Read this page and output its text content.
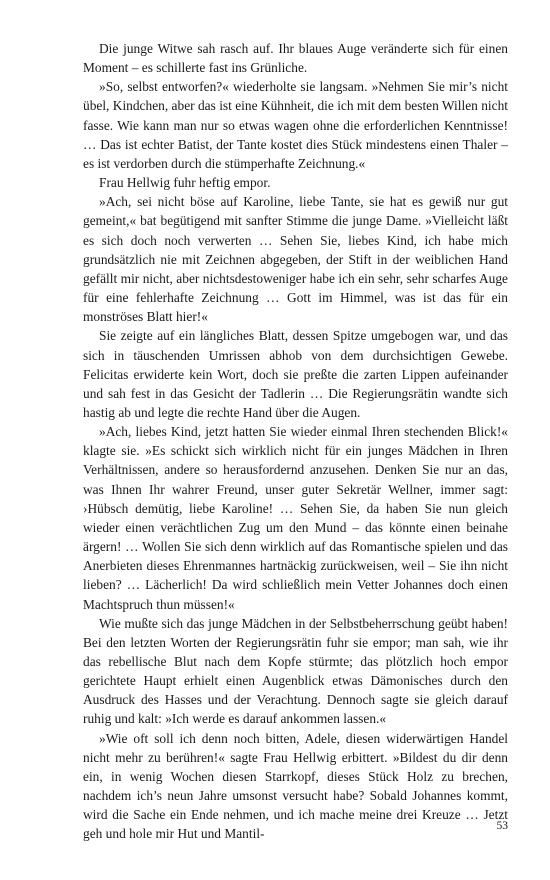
Die junge Witwe sah rasch auf. Ihr blaues Auge veränderte sich für einen Moment – es schillerte fast ins Grünliche.

»So, selbst entworfen?« wiederholte sie langsam. »Nehmen Sie mir’s nicht übel, Kindchen, aber das ist eine Kühnheit, die ich mit dem besten Willen nicht fasse. Wie kann man nur so etwas wagen ohne die erforderlichen Kenntnisse! … Das ist echter Batist, der Tante kostet dies Stück mindestens einen Thaler – es ist verdorben durch die stümperhafte Zeichnung.«

Frau Hellwig fuhr heftig empor.

»Ach, sei nicht böse auf Karoline, liebe Tante, sie hat es gewiß nur gut gemeint,« bat begütigend mit sanfter Stimme die junge Dame. »Vielleicht läßt es sich doch noch verwerten … Sehen Sie, liebes Kind, ich habe mich grundsätzlich nie mit Zeichnen abgegeben, der Stift in der weiblichen Hand gefällt mir nicht, aber nichtsdestoweniger habe ich ein sehr, sehr scharfes Auge für eine fehlerhafte Zeichnung … Gott im Himmel, was ist das für ein monströses Blatt hier!«

Sie zeigte auf ein längliches Blatt, dessen Spitze umgebogen war, und das sich in täuschenden Umrissen abhob von dem durchsichtigen Gewebe. Felicitas erwiderte kein Wort, doch sie preßte die zarten Lippen aufeinander und sah fest in das Gesicht der Tadlerin … Die Regierungsrätin wandte sich hastig ab und legte die rechte Hand über die Augen.

»Ach, liebes Kind, jetzt hatten Sie wieder einmal Ihren stechenden Blick!« klagte sie. »Es schickt sich wirklich nicht für ein junges Mädchen in Ihren Verhältnissen, andere so herausfordernd anzusehen. Denken Sie nur an das, was Ihnen Ihr wahrer Freund, unser guter Sekretär Wellner, immer sagt: ›Hübsch demütig, liebe Karoline! … Sehen Sie, da haben Sie nun gleich wieder einen verächtlichen Zug um den Mund – das könnte einen beinahe ärgern! … Wollen Sie sich denn wirklich auf das Romantische spielen und das Anerbieten dieses Ehrenmannes hartnäckig zurückweisen, weil – Sie ihn nicht lieben? … Lächerlich! Da wird schließlich mein Vetter Johannes doch einen Machtspruch thun müssen!«

Wie mußte sich das junge Mädchen in der Selbstbeherrschung geübt haben! Bei den letzten Worten der Regierungsrätin fuhr sie empor; man sah, wie ihr das rebellische Blut nach dem Kopfe stürmte; das plötzlich hoch empor gerichtete Haupt erhielt einen Augenblick etwas Dämonisches durch den Ausdruck des Hasses und der Verachtung. Dennoch sagte sie gleich darauf ruhig und kalt: »Ich werde es darauf ankommen lassen.«

»Wie oft soll ich denn noch bitten, Adele, diesen widerwärtigen Handel nicht mehr zu berühren!« sagte Frau Hellwig erbittert. »Bildest du dir denn ein, in wenig Wochen diesen Starrkopf, dieses Stück Holz zu brechen, nachdem ich’s neun Jahre umsonst versucht habe? Sobald Johannes kommt, wird die Sache ein Ende nehmen, und ich mache meine drei Kreuze … Jetzt geh und hole mir Hut und Mantil-

53
